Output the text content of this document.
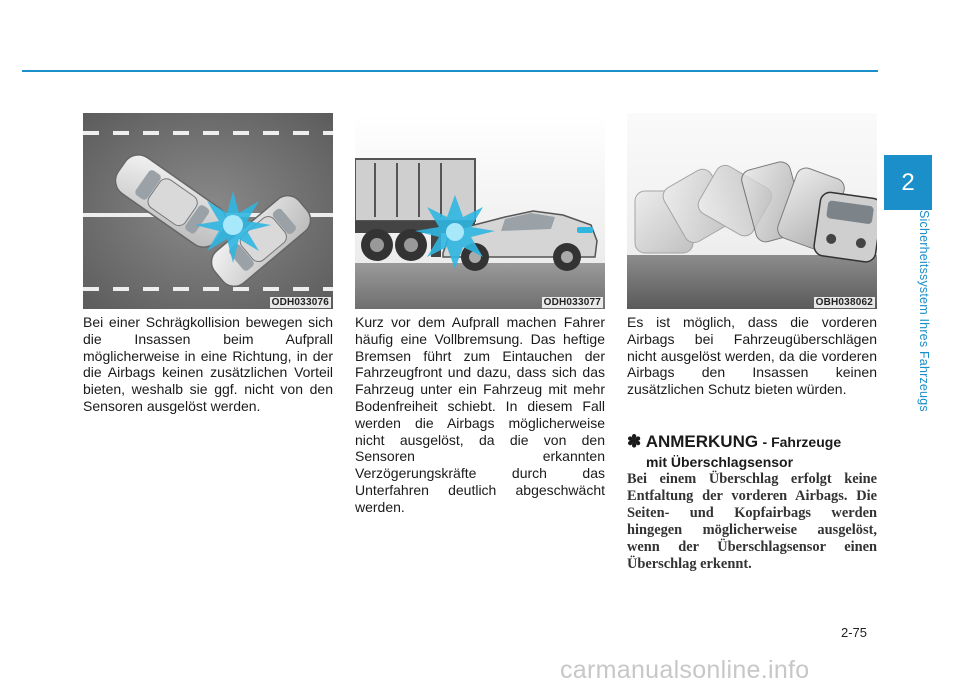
2
Sicherheitssystem Ihres Fahrzeugs
ODH033076	ODH033077	OBH038062
Bei einer Schrägkollision bewegen sich die Insassen beim Aufprall möglicherweise in eine Richtung, in der die Airbags keinen zusätzlichen Vorteil bieten, weshalb sie ggf. nicht von den Sensoren ausgelöst werden.
Kurz vor dem Aufprall machen Fahrer häufig eine Vollbremsung. Das heftige Bremsen führt zum Eintauchen der Fahrzeugfront und dazu, dass sich das Fahrzeug unter ein Fahrzeug mit mehr Bodenfreiheit schiebt. In diesem Fall werden die Airbags möglicherweise nicht ausgelöst, da die von den Sensoren erkannten Verzögerungskräfte durch das Unterfahren deutlich abgeschwächt werden.
Es ist möglich, dass die vorderen Airbags bei Fahrzeugüberschlägen nicht ausgelöst werden, da die vorderen Airbags den Insassen keinen zusätzlichen Schutz bieten würden.
✽ ANMERKUNG - Fahrzeuge
mit Überschlagsensor
Bei einem Überschlag erfolgt keine Entfaltung der vorderen Airbags. Die Seiten- und Kopfairbags werden hingegen möglicherweise ausgelöst, wenn der Überschlagsensor einen Überschlag erkennt.
2-75
carmanualsonline.info
